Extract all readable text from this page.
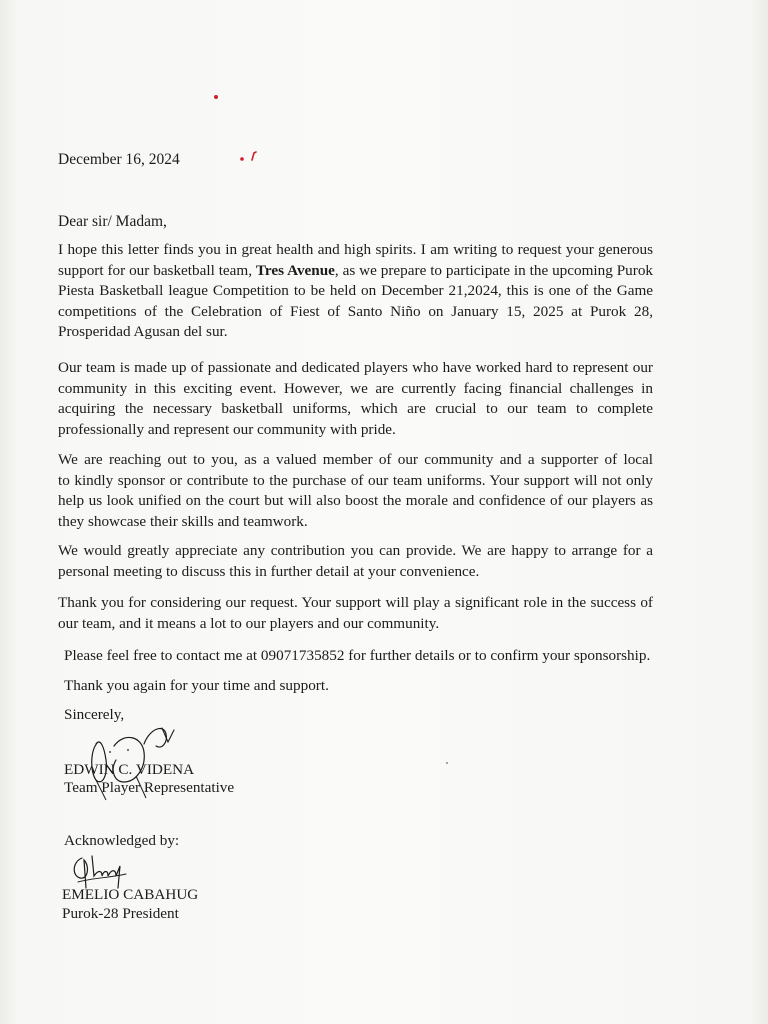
December 16, 2024
Dear sir/ Madam,
I hope this letter finds you in great health and high spirits. I am writing to request your generous
support for our basketball team, Tres Avenue, as we prepare to participate in the upcoming Purok
Piesta Basketball league Competition to be held on December 21,2024, this is one of the Game
competitions of the Celebration of Fiest of Santo Niño on January 15, 2025 at Purok 28,
Prosperidad Agusan del sur.
Our team is made up of passionate and dedicated players who have worked hard to represent our
community in this exciting event. However, we are currently facing financial challenges in
acquiring the necessary basketball uniforms, which are crucial to our team to complete
professionally and represent our community with pride.
We are reaching out to you, as a valued member of our community and a supporter of local
to kindly sponsor or contribute to the purchase of our team uniforms. Your support will not only
help us look unified on the court but will also boost the morale and confidence of our players as
they showcase their skills and teamwork.
We would greatly appreciate any contribution you can provide. We are happy to arrange for a
personal meeting to discuss this in further detail at your convenience.
Thank you for considering our request. Your support will play a significant role in the success of
our team, and it means a lot to our players and our community.
Please feel free to contact me at 09071735852 for further details or to confirm your sponsorship.
Thank you again for your time and support.
Sincerely,
EDWIN C. VIDENA
Team Player Representative
Acknowledged by:
EMELIO CABAHUG
Purok-28 President
